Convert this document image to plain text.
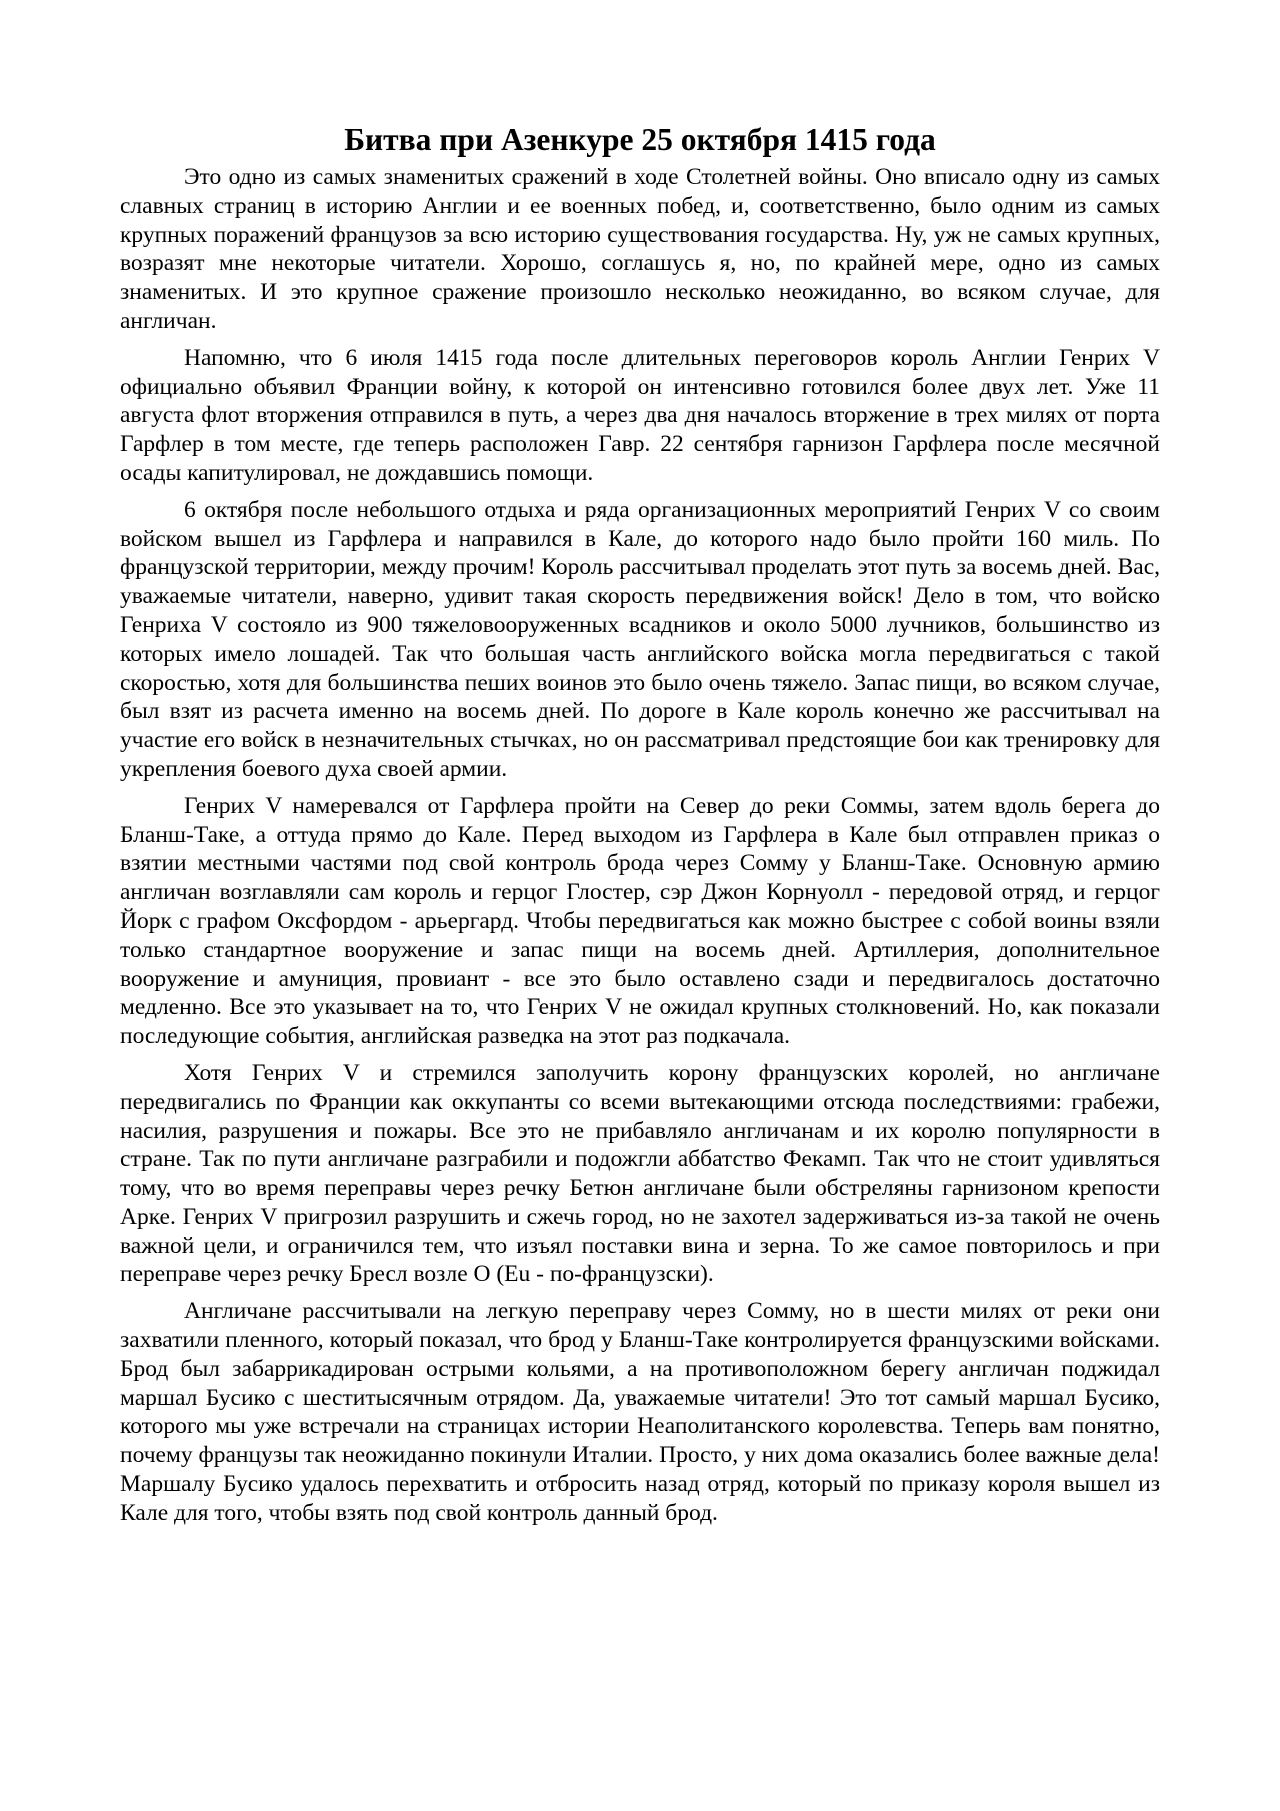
Битва при Азенкуре 25 октября 1415 года

Это одно из самых знаменитых сражений в ходе Столетней войны. Оно вписало одну из самых славных страниц в историю Англии и ее военных побед, и, соответственно, было одним из самых крупных поражений французов за всю историю существования государства. Ну, уж не самых крупных, возразят мне некоторые читатели. Хорошо, соглашусь я, но, по крайней мере, одно из самых знаменитых. И это крупное сражение произошло несколько неожиданно, во всяком случае, для англичан.

Напомню, что 6 июля 1415 года после длительных переговоров король Англии Генрих V официально объявил Франции войну, к которой он интенсивно готовился более двух лет. Уже 11 августа флот вторжения отправился в путь, а через два дня началось вторжение в трех милях от порта Гарфлер в том месте, где теперь расположен Гавр. 22 сентября гарнизон Гарфлера после месячной осады капитулировал, не дождавшись помощи.

6 октября после небольшого отдыха и ряда организационных мероприятий Генрих V со своим войском вышел из Гарфлера и направился в Кале, до которого надо было пройти 160 миль. По французской территории, между прочим! Король рассчитывал проделать этот путь за восемь дней. Вас, уважаемые читатели, наверно, удивит такая скорость передвижения войск! Дело в том, что войско Генриха V состояло из 900 тяжеловооруженных всадников и около 5000 лучников, большинство из которых имело лошадей. Так что большая часть английского войска могла передвигаться с такой скоростью, хотя для большинства пеших воинов это было очень тяжело. Запас пищи, во всяком случае, был взят из расчета именно на восемь дней. По дороге в Кале король конечно же рассчитывал на участие его войск в незначительных стычках, но он рассматривал предстоящие бои как тренировку для укрепления боевого духа своей армии.

Генрих V намеревался от Гарфлера пройти на Север до реки Соммы, затем вдоль берега до Бланш-Таке, а оттуда прямо до Кале. Перед выходом из Гарфлера в Кале был отправлен приказ о взятии местными частями под свой контроль брода через Сомму у Бланш-Таке. Основную армию англичан возглавляли сам король и герцог Глостер, сэр Джон Корнуолл - передовой отряд, и герцог Йорк с графом Оксфордом - арьергард. Чтобы передвигаться как можно быстрее с собой воины взяли только стандартное вооружение и запас пищи на восемь дней. Артиллерия, дополнительное вооружение и амуниция, провиант - все это было оставлено сзади и передвигалось достаточно медленно. Все это указывает на то, что Генрих V не ожидал крупных столкновений. Но, как показали последующие события, английская разведка на этот раз подкачала.

Хотя Генрих V и стремился заполучить корону французских королей, но англичане передвигались по Франции как оккупанты со всеми вытекающими отсюда последствиями: грабежи, насилия, разрушения и пожары. Все это не прибавляло англичанам и их королю популярности в стране. Так по пути англичане разграбили и подожгли аббатство Фекамп. Так что не стоит удивляться тому, что во время переправы через речку Бетюн англичане были обстреляны гарнизоном крепости Арке. Генрих V пригрозил разрушить и сжечь город, но не захотел задерживаться из-за такой не очень важной цели, и ограничился тем, что изъял поставки вина и зерна. То же самое повторилось и при переправе через речку Бресл возле О (Eu - по-французски).

Англичане рассчитывали на легкую переправу через Сомму, но в шести милях от реки они захватили пленного, который показал, что брод у Бланш-Таке контролируется французскими войсками. Брод был забаррикадирован острыми кольями, а на противоположном берегу англичан поджидал маршал Бусико с шеститысячным отрядом. Да, уважаемые читатели! Это тот самый маршал Бусико, которого мы уже встречали на страницах истории Неаполитанского королевства. Теперь вам понятно, почему французы так неожиданно покинули Италии. Просто, у них дома оказались более важные дела! Маршалу Бусико удалось перехватить и отбросить назад отряд, который по приказу короля вышел из Кале для того, чтобы взять под свой контроль данный брод.
